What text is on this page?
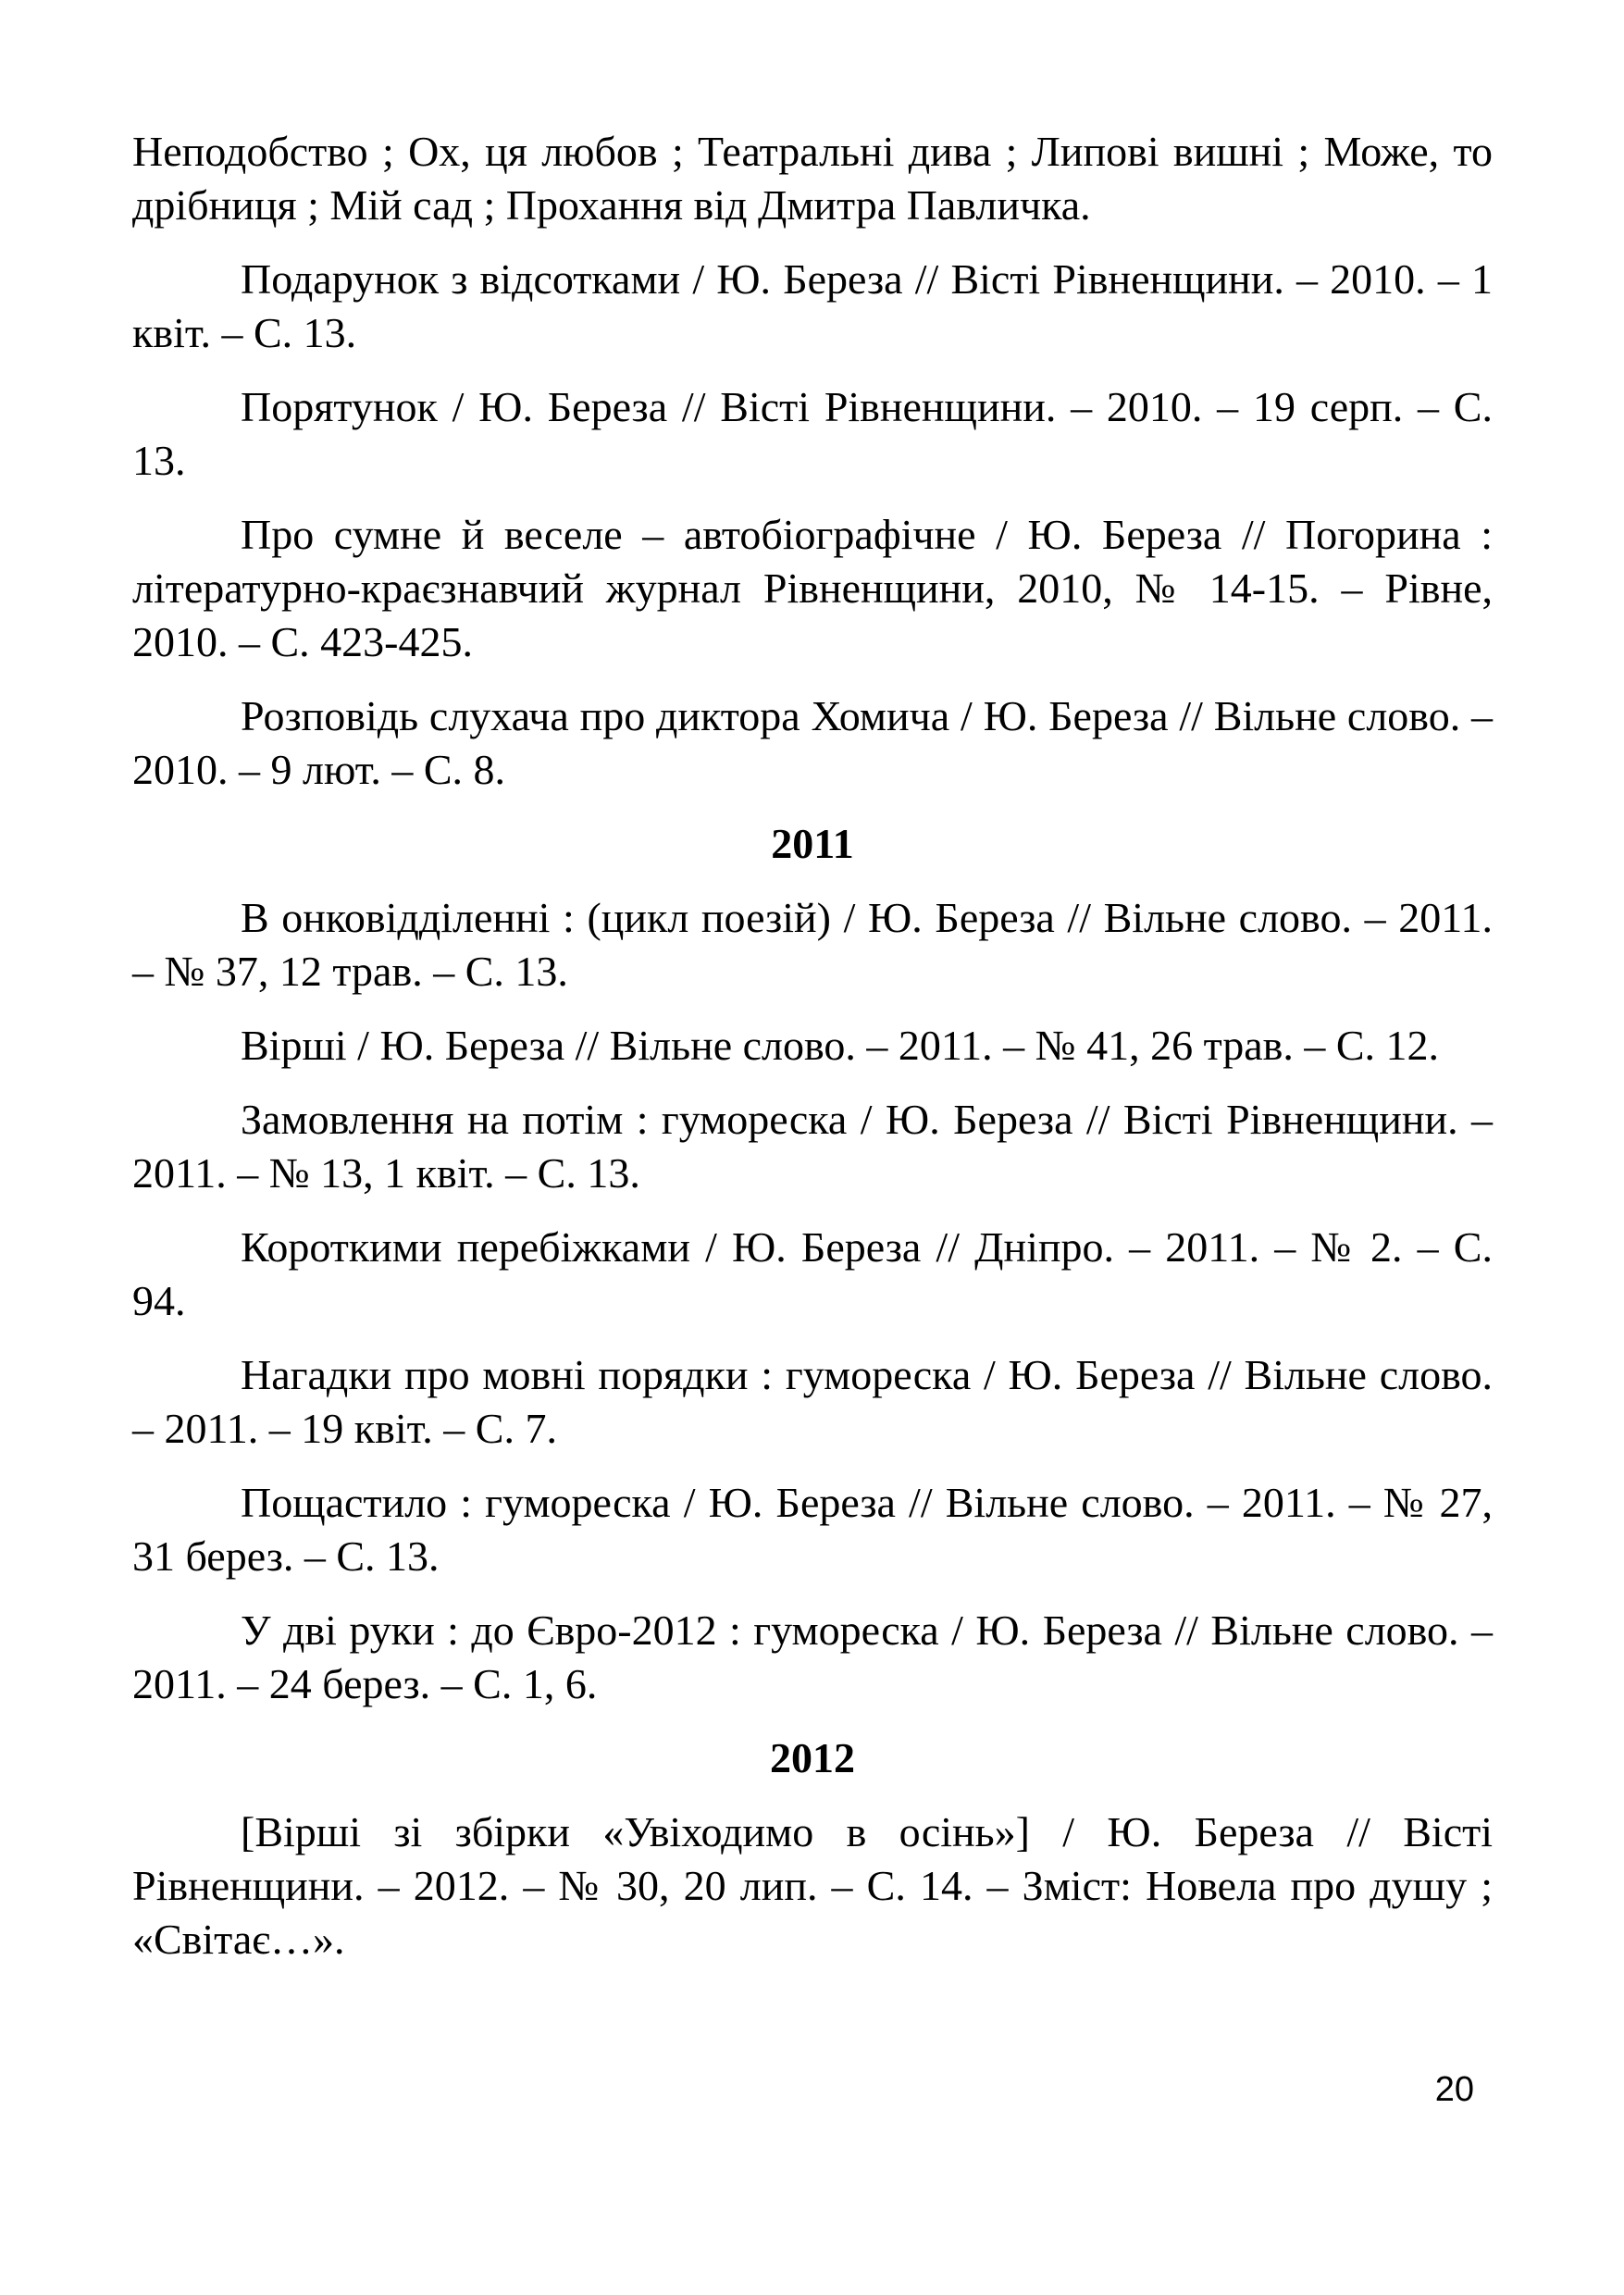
Неподобство ; Ох, ця любов ; Театральні дива ; Липові вишні ; Може, то дрібниця ; Мій сад ; Прохання від Дмитра Павличка.

Подарунок з відсотками / Ю. Береза // Вісті Рівненщини. – 2010. – 1 квіт. – С. 13.

Порятунок / Ю. Береза // Вісті Рівненщини. – 2010. – 19 серп. – С. 13.

Про сумне й веселе – автобіографічне / Ю. Береза // Погорина : літературно-краєзнавчий журнал Рівненщини, 2010, № 14-15. – Рівне, 2010. – С. 423-425.

Розповідь слухача про диктора Хомича / Ю. Береза // Вільне слово. – 2010. – 9 лют. – С. 8.

2011

В онковідділенні : (цикл поезій) / Ю. Береза // Вільне слово. – 2011. – № 37, 12 трав. – С. 13.

Вірші / Ю. Береза // Вільне слово. – 2011. – № 41, 26 трав. – С. 12.

Замовлення на потім : гумореска / Ю. Береза // Вісті Рівненщини. – 2011. – № 13, 1 квіт. – С. 13.

Короткими перебіжками / Ю. Береза // Дніпро. – 2011. – № 2. – С. 94.

Нагадки про мовні порядки : гумореска / Ю. Береза // Вільне слово. – 2011. – 19 квіт. – С. 7.

Пощастило : гумореска / Ю. Береза // Вільне слово. – 2011. – № 27, 31 берез. – С. 13.

У дві руки : до Євро-2012 : гумореска / Ю. Береза // Вільне слово. – 2011. – 24 берез. – С. 1, 6.

2012

[Вірші зі збірки «Увіходимо в осінь»] / Ю. Береза // Вісті Рівненщини. – 2012. – № 30, 20 лип. – С. 14. – Зміст: Новела про душу ; «Світає…».

20
